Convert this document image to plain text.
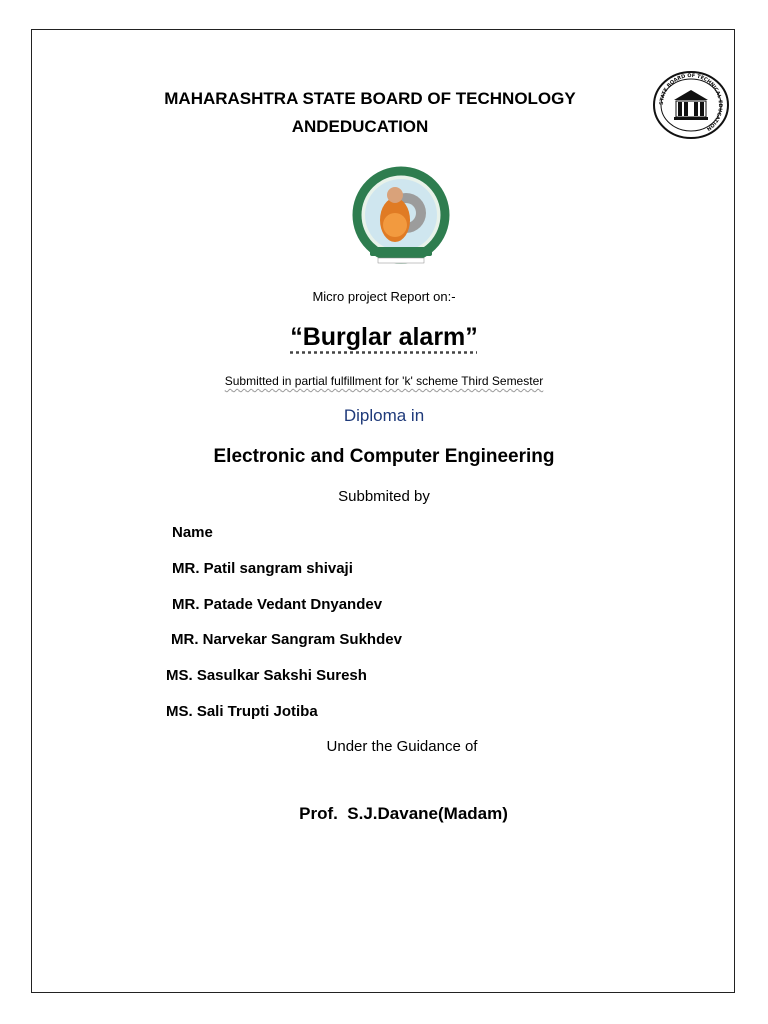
MAHARASHTRA STATE BOARD OF TECHNOLOGY
ANDEDUCATION
STATE BOARD OF TECHNICAL EDUCATION
Micro project Report on:-
“Burglar alarm”
Submitted in partial fulfillment for 'k' scheme Third Semester
Diploma in
Electronic and Computer Engineering
Subbmited by
Name
MR. Patil sangram shivaji
MR. Patade Vedant Dnyandev
MR. Narvekar Sangram Sukhdev
MS. Sasulkar Sakshi Suresh
MS. Sali Trupti Jotiba
Under the Guidance of
Prof.  S.J.Davane(Madam)
